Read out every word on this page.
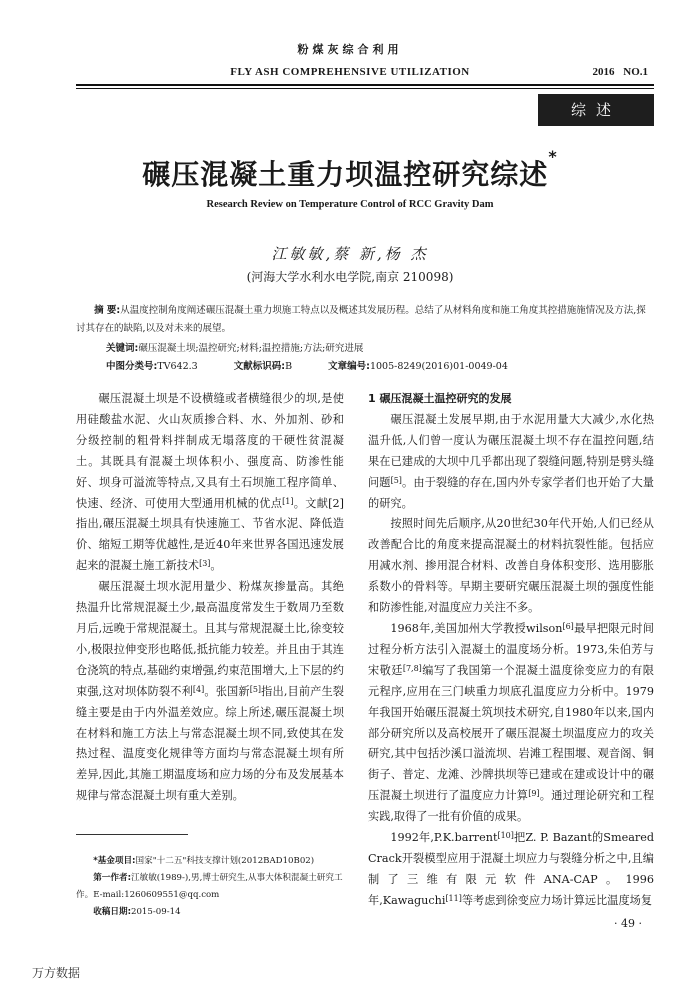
粉煤灰综合利用
FLY ASH COMPREHENSIVE UTILIZATION	2016 NO.1
综述
碾压混凝土重力坝温控研究综述*
Research Review on Temperature Control of RCC Gravity Dam
江敏敏,蔡 新,杨 杰
(河海大学水利水电学院,南京 210098)
摘 要:从温度控制角度阐述碾压混凝土重力坝施工特点以及概述其发展历程。总结了从材料角度和施工角度其控措施施情况及方法,探讨其存在的缺陷,以及对未来的展望。
关键词:碾压混凝土坝;温控研究;材料;温控措施;方法;研究进展
中图分类号:TV642.3	文献标识码:B	文章编号:1005-8249(2016)01-0049-04

碾压混凝土坝是不设横缝或者横缝很少的坝,是使用硅酸盐水泥、火山灰质掺合料、水、外加剂、砂和分级控制的粗骨料拌制成无塌落度的干硬性贫混凝土。其既具有混凝土坝体积小、强度高、防渗性能好、坝身可溢流等特点,又具有土石坝施工程序简单、快速、经济、可使用大型通用机械的优点[1]。文献[2]指出,碾压混凝土坝具有快速施工、节省水泥、降低造价、缩短工期等优越性,是近40年来世界各国迅速发展起来的混凝土施工新技术[3]。

碾压混凝土坝水泥用量少、粉煤灰掺量高。其绝热温升比常规混凝土少,最高温度常发生于数周乃至数月后,远晚于常规混凝土。且其与常规混凝土比,徐变较小,极限拉伸变形也略低,抵抗能力较差。并且由于其连仓浇筑的特点,基础约束增强,约束范围增大,上下层的约束强,这对坝体防裂不利[4]。张国新[5]指出,目前产生裂缝主要是由于内外温差效应。综上所述,碾压混凝土坝在材料和施工方法上与常态混凝土坝不同,致使其在发热过程、温度变化规律等方面均与常态混凝土坝有所差异,因此,其施工期温度场和应力场的分布及发展基本规律与常态混凝土坝有重大差别。

1 碾压混凝土温控研究的发展

碾压混凝土发展早期,由于水泥用量大大减少,水化热温升低,人们曾一度认为碾压混凝土坝不存在温控问题,结果在已建成的大坝中几乎都出现了裂缝问题,特别是劈头缝问题[5]。由于裂缝的存在,国内外专家学者们也开始了大量的研究。

按照时间先后顺序,从20世纪30年代开始,人们已经从改善配合比的角度来提高混凝土的材料抗裂性能。包括应用减水剂、掺用混合材料、改善自身体积变形、选用膨胀系数小的骨料等。早期主要研究碾压混凝土坝的强度性能和防渗性能,对温度应力关注不多。

1968年,美国加州大学教授wilson[6]最早把限元时间过程分析方法引入混凝土的温度场分析。1973,朱伯芳与宋敬廷[7,8]编写了我国第一个混凝土温度徐变应力的有限元程序,应用在三门峡重力坝底孔温度应力分析中。1979年我国开始碾压混凝土筑坝技术研究,自1980年以来,国内部分研究所以及高校展开了碾压混凝土坝温度应力的攻关研究,其中包括沙溪口溢流坝、岩滩工程围堰、观音阁、铜街子、普定、龙滩、沙牌拱坝等已建或在建或设计中的碾压混凝土坝进行了温度应力计算[9]。通过理论研究和工程实践,取得了一批有价值的成果。

1992年,P.K.barrent[10]把Z. P. Bazant的Smeared Crack开裂模型应用于混凝土坝应力与裂缝分析之中,且编制了三维有限元软件ANA-CAP。1996年,Kawaguchi[11]等考虑到徐变应力场计算远比温度场复

*基金项目:国家"十二五"科技支撑计划(2012BAD10B02)
第一作者:江敏敏(1989-),男,博士研究生,从事大体积混凝土研究工作。E-mail:1260609551@qq.com
收稿日期:2015-09-14
· 49 ·
万方数据
